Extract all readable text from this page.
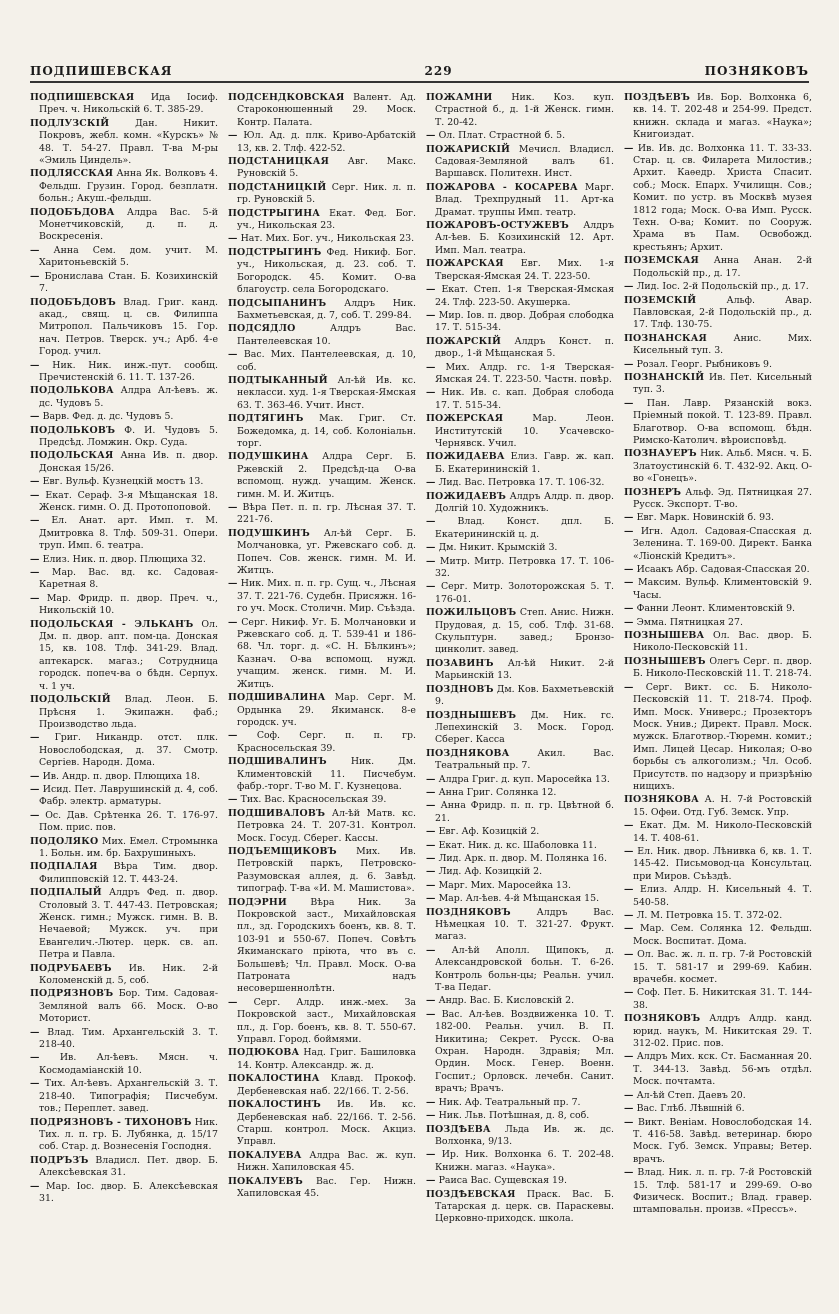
ПОДПИШЕВСКАЯ	229	ПОЗНЯКОВЪ
ПОДПИШЕВСКАЯ Ида Іосиф. Преч. ч. Никольскій 6. Т. 385-29.
ПОДЛУЗСКІЙ	Дан. Никит. Покровъ, жебл. комн. «Курскъ» № 48. Т. 54-27. Правл. Т-ва М-ры «Эмиль Циндель».
ПОДЛЯССКАЯ Анна Як. Волковъ 4. Фельдш. Грузин. Город. безплатн. больн.; Акуш.-фельдш.
ПОДОБЪДОВА Алдра Вас. 5-й Монетчиковскій, д. п. д. Воскресенія.
— Анна Сем. дом. учит. М. Харитоньевскій 5.
— Бронислава Стан. Б. Козихинскій 7.
ПОДОБЪДОВЪ Влад. Григ. канд. акад., свящ. ц. св. Филиппа Митропол. Пальчиковъ 15. Гор. нач. Петров. Тверск. уч.; Арб. 4-е Город. учил.
— Ник. Ник. инж.-пут. сообщ. Пречистенскій 6. 11. Т. 137-26.
ПОДОЛЬКОВА Алдра Ал-ѣевъ. ж. дс. Чудовъ 5.
— Варв. Фед. д. дс. Чудовъ 5.
ПОДОЛЬКОВЪ Ф. И. Чудовъ 5. Предсѣд. Ломжин. Окр. Суда.
ПОДОЛЬСКАЯ Анна Ив. п. двор. Донская 15/26.
— Евг. Вульф. Кузнецкій мостъ 13.
— Екат. Сераф. 3-я Мѣщанская 18. Женск. гимн. О. Д. Протопоповой.
— Ел. Анат. арт. Имп. т. М. Дмитровка 8. Тлф. 509-31. Опери. труп. Имп. 6. театра.
— Елиз. Ник. п. двор. Плющиха 32.
— Мар. Вас. вд. кс. Садовая-Каретная 8.
— Мар. Фридр. п. двор. Преч. ч., Никольскій 10.
ПОДОЛЬСКАЯ - ЭЛЬКАНЪ Ол. Дм. п. двор. апт. пом-ца. Донская 15, кв. 108. Тлф. 341-29. Влад. аптекарск. магаз.; Сотрудница городск. попеч-ва о бѣдн. Серпух. ч. 1 уч.
ПОДОЛЬСКІЙ Влад. Леон. Б. Прѣсня 1. Экипажн. фаб.; Производство льда.
— Григ. Никандр. отст. плк. Новослободская, д. 37. Смотр. Сергіев. Народн. Дома.
— Ив. Андр. п. двор. Плющиха 18.
— Исид. Пет. Лаврушинскій д. 4, соб. Фабр. электр. арматуры.
— Ос. Дав. Срѣтенка 26. Т. 176-97. Пом. прис. пов.
ПОДОЛЯКО Мих. Емел. Стромынка 1. Больн. им. бр. Бахрушиныхъ.
ПОДПАЛАЯ Вѣра Тим. двор. Филипповскій 12. Т. 443-24.
ПОДПАЛЫЙ Алдръ Фед. п. двор. Столовый 3. Т. 447-43. Петровская; Женск. гимн.; Мужск. гимн. В. В. Нечаевой; Мужск. уч. при Евангелич.-Лютер. церк. св. ап. Петра и Павла.
ПОДРУБАЕВЪ Ив. Ник. 2-й Коломенскій д. 5, соб.
ПОДРЯЗНОВЪ Бор. Тим. Садовая-Земляной валъ 66. Моск. О-во Моторист.
— Влад. Тим. Архангельскій 3. Т. 218-40.
— Ив. Ал-ѣевъ. Мясн. ч. Космодаміанскій 10.
— Тих. Ал-ѣевъ. Архангельскій 3. Т. 218-40. Типографія; Писчебум. тов.; Переплет. завед.
ПОДРЯЗНОВЪ - ТИХОНОВЪ Ник. Тих. л. п. гр. Б. Лубянка, д. 15/17 соб. Стар. д. Вознесенія Господня.
ПОДРЪЗЪ Владисл. Пет. двор. Б. Алексѣевская 31.
— Мар. Іос. двор. Б. Алексѣевская 31.
ПОДСЕНДКОВСКАЯ Валент. Ад. Староконюшенный 29. Моск. Контр. Палата.
— Юл. Ад. д. плк. Криво-Арбатскій 13, кв. 2. Тлф. 422-52.
ПОДСТАНИЦКАЯ Авг. Макс. Руновскій 5.
ПОДСТАНИЦКІЙ Серг. Ник. л. п. гр. Руновскій 5.
ПОДСТРЫГИНА Екат. Фед. Бог. уч., Никольская 23.
— Нат. Мих. Бог. уч., Никольская 23.
ПОДСТРЫГИНЪ Фед. Никиф. Бог. уч., Никольская, д. 23. соб. Т. Богородск. 45. Комит. О-ва благоустр. села Богородскаго.
ПОДСЫПАНИНЪ Алдръ Ник. Бахметьевская, д. 7, соб. Т. 299-84.
ПОДСЯДЛО	Алдръ Вас. Пантелеевская 10.
— Вас. Мих. Пантелеевская, д. 10, соб.
ПОДТЫКАННЫЙ Ал-ѣй Ив. кс. некласси. худ. 1-я Тверская-Ямская 63. Т. 363-46. Учит. Инст.
ПОДТЯГИНЪ Мак. Григ. Ст. Божедомка, д. 14, соб. Колоніальн. торг.
ПОДУШКИНА Алдра Серг. Б. Ржевскій 2. Предсѣд-ца О-ва вспомощ. нужд. учащим. Женск. гимн. М. И. Житцъ.
— Вѣра Пет. п. п. гр. Лѣсная 37. Т. 221-76.
ПОДУШКИНЪ Ал-ѣй Серг. Б. Молчановка, уг. Ржевскаго соб. д. Попеч. Сов. женск. гимн. М. И. Житцъ.
— Ник. Мих. п. п. гр. Сущ. ч., Лѣсная 37. Т. 221-76. Судебн. Присяжн. 16-го уч. Моск. Столичн. Мир. Съѣзда.
— Серг. Никиф. Уг. Б. Молчановки и Ржевскаго соб. д. Т. 539-41 и 186-68. Чл. торг. д. «С. Н. Бѣлкинъ»; Казнач. О-ва вспомощ. нужд. учащим. женск. гимн. М. И. Житцъ.
ПОДШИВАЛИНА Мар. Серг. М. Ордынка 29. Якиманск. 8-е городск. уч.
— Соф. Серг. п. п. гр. Красносельская 39.
ПОДШИВАЛИНЪ	Ник. Дм. Климентовскій 11. Писчебум. фабр.-торг. Т-во М. Г. Кузнецова.
— Тих. Вас. Красносельская 39.
ПОДШИВАЛОВЪ Ал-ѣй Матв. кс. Петровка 24. Т. 207-31. Контрол. Моск. Госуд. Сберег. Кассы.
ПОДЪЕМЩИКОВЪ Мих. Ив. Петровскій паркъ, Петровско-Разумовская аллея, д. 6. Завѣд. типограф. Т-ва «И. М. Машистова».
ПОДЭРНИ Вѣра Ник. За Покровской заст., Михайловская пл., зд. Городскихъ боенъ, кв. 8. Т. 103-91 и 550-67. Попеч. Совѣтъ Якиманскаго пріюта, что въ с. Большевѣ; Чл. Правл. Моск. О-ва Патроната надъ несовершеннолѣтн.
— Серг. Алдр. инж.-мех. За Покровской заст., Михайловская пл., д. Гор. боенъ, кв. 8. Т. 550-67. Управл. Город. боймями.
ПОДЮКОВА Над. Григ. Башиловка 14. Контр. Александр. ж. д.
ПОКАЛОСТИНА Клавд. Прокоф. Дербеневская наб. 22/166. Т. 2-56.
ПОКАЛОСТИНЪ Ив. Ив. кс. Дербеневская наб. 22/166. Т. 2-56. Старш. контрол. Моск. Акциз. Управл.
ПОКАЛУЕВА Алдра Вас. ж. куп. Нижн. Хапиловская 45.
ПОКАЛУЕВЪ Вас. Гер. Нижн. Хапиловская 45.
ПОЖАМНИ Ник. Коз. куп. Страстной б., д. 1-й Женск. гимн. Т. 20-42.
— Ол. Плат. Страстной б. 5.
ПОЖАРИСКІЙ Мечисл. Владисл. Садовая-Земляной валъ 61. Варшавск. Политехн. Инст.
ПОЖАРОВА - КОСАРЕВА Марг. Влад. Трехпрудный 11. Арт-ка Драмат. труппы Имп. театр.
ПОЖАРОВЪ-ОСТУЖЕВЪ Алдръ Ал-ѣев. Б. Козихинскій 12. Арт. Имп. Мал. театра.
ПОЖАРСКАЯ Евг. Мих. 1-я Тверская-Ямская 24. Т. 223-50.
— Екат. Степ. 1-я Тверская-Ямская 24. Тлф. 223-50. Акушерка.
— Мир. Іов. п. двор. Добрая слободка 17. Т. 515-34.
ПОЖАРСКІЙ Алдръ Конст. п. двор., 1-й Мѣщанская 5.
— Мих. Алдр. гс. 1-я Тверская-Ямская 24. Т. 223-50. Частн. повѣр.
— Ник. Ив. с. кап. Добрая слобода 17. Т. 515-34.
ПОЖЕРСКАЯ	Мар. Леон. Институтскій 10. Усачевско-Чернявск. Учил.
ПОЖИДАЕВА Елиз. Гавр. ж. кап. Б. Екатерининскій 1.
— Лид. Вас. Петровка 17. Т. 106-32.
ПОЖИДАЕВЪ Алдръ Алдр. п. двор. Долгій 10. Художникъ.
— Влад. Конст. дпл. Б. Екатерининскій ц. д.
— Дм. Никит. Крымскій 3.
— Митр. Митр. Петровка 17. Т. 106-32.
— Серг. Митр. Золоторожская 5. Т. 176-01.
ПОЖИЛЬЦОВЪ Степ. Анис. Нижн. Прудовая, д. 15, соб. Тлф. 31-68. Скульптурн. завед.; Бронзо-цинколит. завед.
ПОЗАВИНЪ Ал-ѣй Никит. 2-й Марьинскій 13.
ПОЗДНОВЪ Дм. Ков. Бахметьевскій 9.
ПОЗДНЫШЕВЪ Дм. Ник. гс. Лепехинскій 3. Моск. Город. Сберег. Касса
ПОЗДНЯКОВА	Акил. Вас. Театральный пр. 7.
— Алдра Григ. д. куп. Маросейка 13.
— Анна Григ. Солянка 12.
— Анна Фридр. п. п. гр. Цвѣтной б. 21.
— Евг. Аф. Козицкій 2.
— Екат. Ник. д. кс. Шаболовка 11.
— Лид. Арк. п. двор. М. Полянка 16.
— Лид. Аф. Козицкій 2.
— Марг. Мих. Маросейка 13.
— Мар. Ал-ѣев. 4-й Мѣщанская 15.
ПОЗДНЯКОВЪ	Алдръ Вас. Нѣмецкая 10. Т. 321-27. Фрукт. магаз.
— Ал-ѣй Аполл. Щипокъ, д. Александровской больн. Т. 6-26. Контроль больн-цы; Реальн. учил. Т-ва Педаг.
— Андр. Вас. Б. Кисловскій 2.
— Вас. Ал-ѣев. Воздвиженка 10. Т. 182-00. Реальн. учил. В. П. Никитина; Секрет. Русск. О-ва Охран. Народн. Здравія; Мл. Ордин. Моск. Генер. Военн. Госпит.; Орловск. лечебн. Санит. врачъ; Врачъ.
— Ник. Аф. Театральный пр. 7.
— Ник. Льв. Потѣшная, д. 8, соб.
ПОЗДѢЕВА Льда Ив. ж. дс. Волхонка, 9/13.
— Ир. Ник. Волхонка 6. Т. 202-48. Книжн. магаз. «Наука».
— Раиса Вас. Сущевская 19.
ПОЗДѢЕВСКАЯ Праск. Вас. Б. Татарская д. церк. св. Параскевы. Церковно-приходск. школа.
ПОЗДѢЕВЪ Ив. Бор. Волхонка 6, кв. 14. Т. 202-48 и 254-99. Предст. книжн. склада и магаз. «Наука»; Книгоиздат.
— Ив. Ив. дс. Волхонка 11. Т. 33-33. Стар. ц. св. Филарета Милостив.; Архит. Каѳедр. Христа Спасит. соб.; Моск. Епарх. Училищн. Сов.; Комит. по устр. въ Москвѣ музея 1812 года; Моск. О-ва Имп. Русск. Техн. О-ва; Комит. по Сооруж. Храма въ Пам. Освобожд. крестьянъ; Архит.
ПОЗЕМСКАЯ Анна Анан. 2-й Подольскій пр., д. 17.
— Лид. Іос. 2-й Подольскій пр., д. 17.
ПОЗЕМСКІЙ	Альф. Авар. Павловская, 2-й Подольскій пр., д. 17. Тлф. 130-75.
ПОЗНАНСКАЯ	Анис. Мих. Кисельный туп. 3.
— Розал. Георг. Рыбниковъ 9.
ПОЗНАНСКІЙ Ив. Пет. Кисельный туп. 3.
— Пан. Лавр. Рязанскій вокз. Пріемный покой. Т. 123-89. Правл. Благотвор. О-ва вспомощ. бѣдн. Римско-Католич. вѣроисповѣд.
ПОЗНАУЕРЪ Ник. Альб. Мясн. ч. Б. Златоустинскій 6. Т. 432-92. Акц. О-во «Гонецъ».
ПОЗНЕРЪ Альф. Эд. Пятницкая 27. Русск. Экспорт. Т-во.
— Евг. Марк. Новинскій б. 93.
— Игн. Адол. Садовая-Спасская д. Зеленина. Т. 169-00. Директ. Банка «Ліонскій Кредитъ».
— Исаакъ Абр. Садовая-Спасская 20.
— Максим. Вульф. Климентовскій 9. Часы.
— Фанни Леонт. Климентовскій 9.
— Эмма. Пятницкая 27.
ПОЗНЫШЕВА Ол. Вас. двор. Б. Николо-Песковскій 11.
ПОЗНЫШЕВЪ Олегъ Серг. п. двор. Б. Николо-Песковскій 11. Т. 218-74.
— Серг. Викт. сс. Б. Николо-Песковскій 11. Т. 218-74. Проф. Имп. Моск. Универс.; Прозекторъ Моск. Унив.; Директ. Правл. Моск. мужск. Благотвор.-Тюремн. комит.; Имп. Лицей Цесар. Николая; О-во борьбы съ алкоголизм.; Чл. Особ. Присутств. по надзору и призрѣнію нищихъ.
ПОЗНЯКОВА А. Н. 7-й Ростовскій 15. Офѳи. Отд. Губ. Земск. Упр.
— Екат. Дм. М. Николо-Песковскій 14. Т. 408-61.
— Ел. Ник. двор. Лѣнивка 6, кв. 1. Т. 145-42. Письмовод-ца Консультац. при Миров. Съѣздѣ.
— Елиз. Алдр. Н. Кисельный 4. Т. 540-58.
— Л. М. Петровка 15. Т. 372-02.
— Мар. Сем. Солянка 12. Фельдш. Моск. Воспитат. Дома.
— Ол. Вас. ж. л. п. гр. 7-й Ростовскій 15. Т. 581-17 и 299-69. Кабин. врачебн. космет.
— Соф. Пет. Б. Никитская 31. Т. 144-38.
ПОЗНЯКОВЪ Алдръ Алдр. канд. юрид. наукъ, М. Никитская 29. Т. 312-02. Прис. пов.
— Алдръ Мих. кск. Ст. Басманная 20. Т. 344-13. Завѣд. 56-мъ отдѣл. Моск. почтамта.
— Ал-ѣй Степ. Даевъ 20.
— Вас. Глѣб. Лѣвшній 6.
— Викт. Веніам. Новослободская 14. Т. 416-58. Завѣд. ветеринар. бюро Моск. Губ. Земск. Управы; Ветер. врачъ.
— Влад. Ник. л. п. гр. 7-й Ростовскій 15. Тлф. 581-17 и 299-69. О-во Физическ. Воспит.; Влад. гравер. штамповальн. произв. «Прессъ».
